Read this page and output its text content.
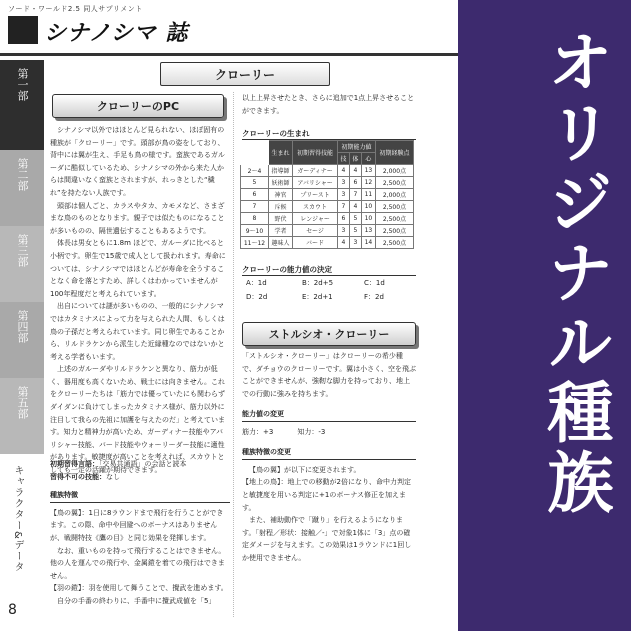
ソード・ワールド2.5 同人サプリメント
シナノシマ 誌
第一部
第二部
第三部
第四部
第五部
キャラクター&データ
8
クローリー
クローリーのPC

シナノシマ以外ではほとんど見られない、ほぼ固有の種族が「クローリー」です。頭部が鳥の姿をしており、背中には翼が生え、手足も鳥の様です。蛮族であるガルーダに酷似しているため、シナノシマの外から来た人からは間違いなく蛮族とされますが、れっきとした“穢れ”を持たない人族です。

頭部は個人ごと、カラスやタカ、カモメなど、さまざまな鳥のものとなります。親子では似たものになることが多いものの、隔世遺伝することもあるようです。

体長は男女ともに1.8m ほどで、ガルーダに比べると小柄です。卵生で15歳で成人として扱われます。寿命については、シナノシマではほとんどが寿命を全うすることなく命を落とすため、詳しくはわかっていませんが100年程度だと考えられています。

出自については謎が多いものの、一般的にシナノシマではカタミナスによって力を与えられた人間、もしくは鳥の子孫だと考えられています。同じ卵生であることから、リルドラケンから派生した近縁種なのではないかと考える学者もいます。

上述のガルーダやリルドラケンと異なり、筋力が低く、器用度も高くないため、戦士には向きません。これをクローリーたちは「筋力では優っていたにも関わらずダイダンに負けてしまったカタミナス様が、筋力以外に注目して我らの先祖に加護を与えたのだ」と考えています。知力と精神力が高いため、ガーディナー技能やアバリシャー技能、バード技能やウォーリーダー技能に適性があります。敏捷度が高いことを考えれば、スカウトとしても一定の活躍が期待できます。

初期習得言語：「交易共通語」の会話と読本
習得不可の技能：なし
種族特徴
【鳥の翼】：1日に8ラウンドまで飛行を行うことができます。この際、命中や回避へのボーナスはありませんが、戦闘特技《鷹の目》と同じ効果を発揮します。
なお、重いものを持って飛行することはできません。他の人を運んでの飛行や、金属鎧を着ての飛行はできません。
【羽の鎧】：羽を使用して舞うことで、攪武を進めます。
自分の手番の終わりに、手番中に攪武成値を「5」
以上上昇させたとき、さらに追加で1点上昇させることができます。
クローリーの生まれ
	生まれ	初期習得技能	初期能力値			初期経験点
			技	体	心	
2〜4	指導師	ガーディナー	4	4	13	2,000点
5	妖術師	アバリシャー	3	6	12	2,500点
6	神官	プリースト	3	7	11	2,000点
7	斥候	スカウト	7	4	10	2,500点
8	野伏	レンジャー	6	5	10	2,500点
9〜10	学者	セージ	3	5	13	2,500点
11〜12	趣味人	バード	4	3	14	2,500点
クローリーの能力値の決定
A：1d	B：2d+5	C：1d
D：2d	E：2d+1	F：2d
ストルシオ・クローリー
「ストルシオ・クローリー」はクローリーの希少種で、ダチョウのクローリーです。翼は小さく、空を飛ぶことができませんが、強靭な脚力を持っており、地上での行動に強みを持ちます。
能力値の変更
筋力：+3	知力：-3
種族特徴の変更
【鳥の翼】が以下に変更されます。
【地上の鳥】：地上での移動が2倍になり、命中力判定と敏捷度を用いる判定に+1のボーナス修正を加えます。
また、補助動作で「蹴り」を行えるようになります。「射程／形状：接触／-」で対象1体に「3」点の確定ダメージを与えます。この効果は1ラウンドに1回しか使用できません。
オリジナル種族
